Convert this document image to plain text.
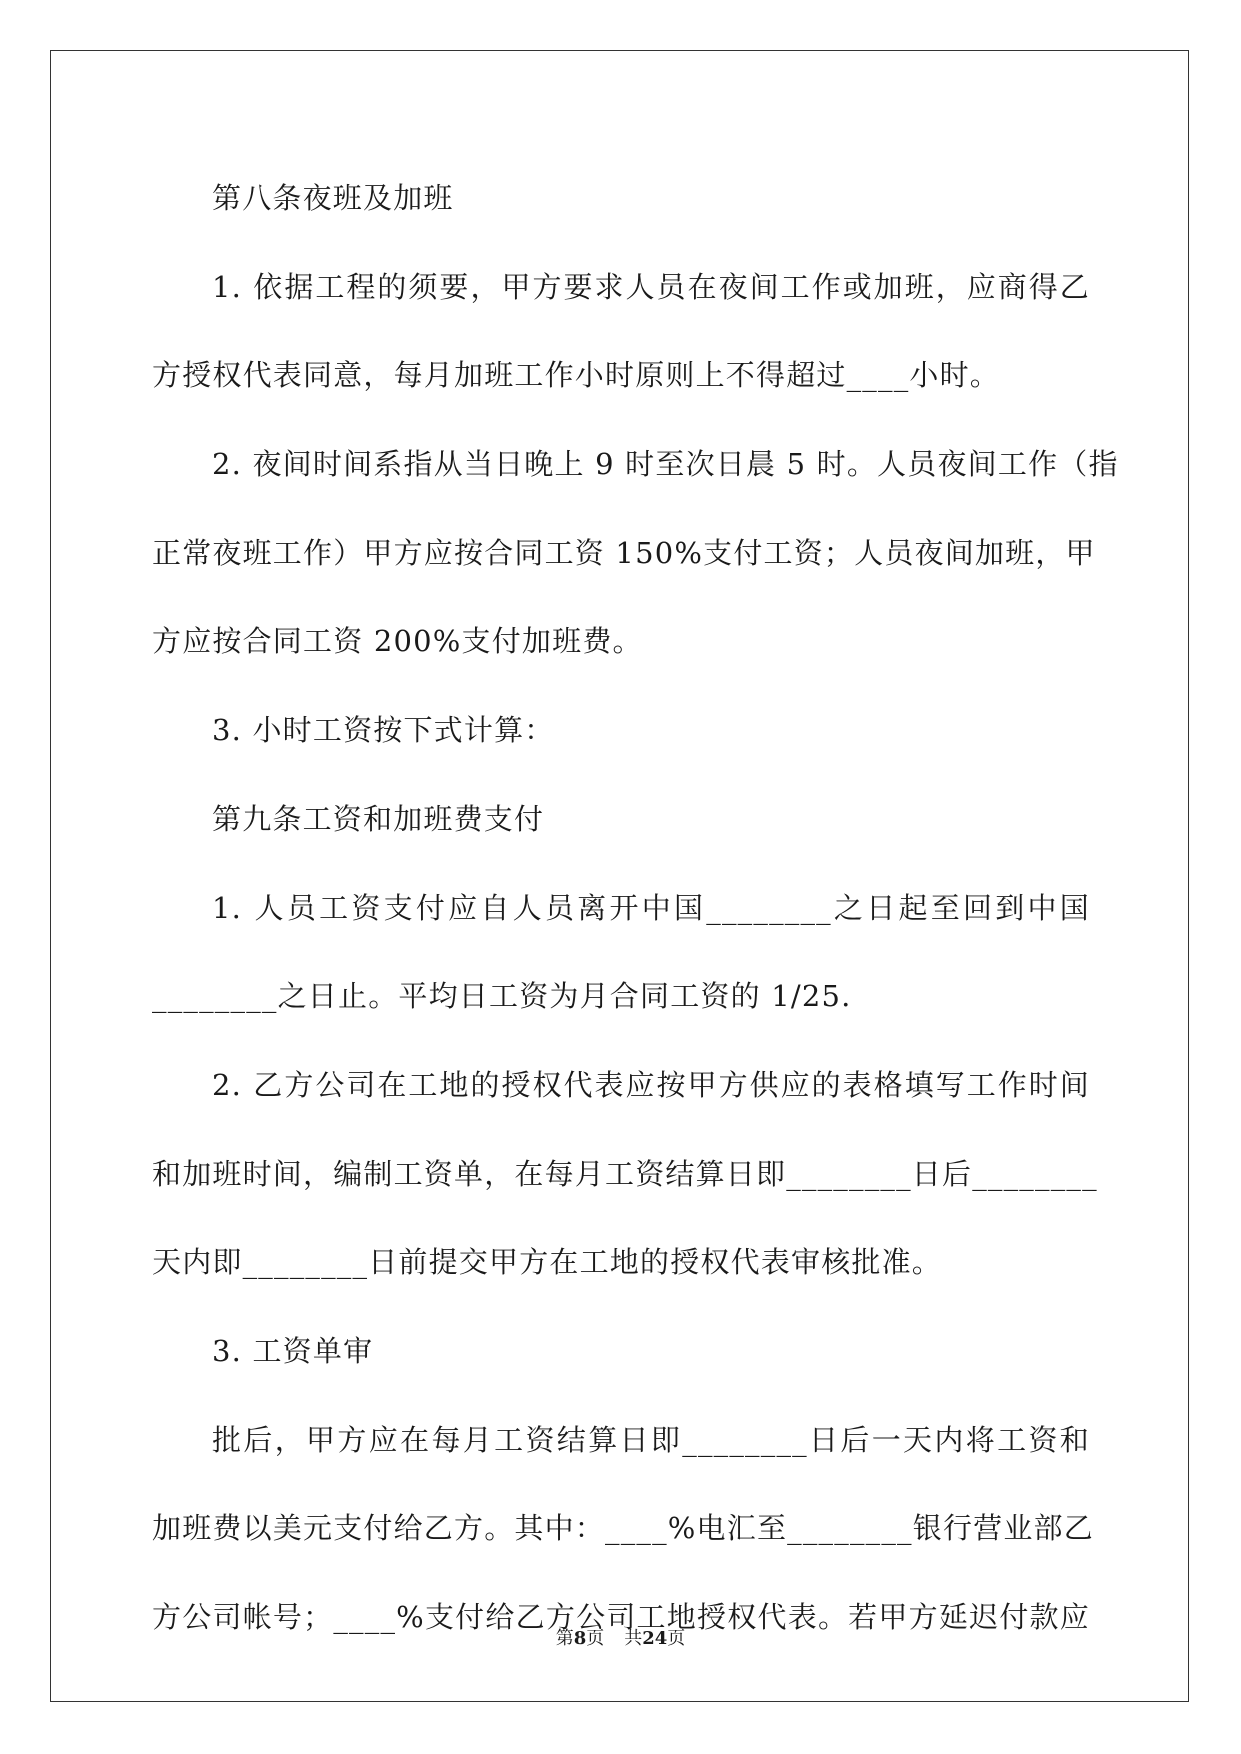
第八条夜班及加班
1. 依据工程的须要，甲方要求人员在夜间工作或加班，应商得乙
方授权代表同意，每月加班工作小时原则上不得超过____小时。
2. 夜间时间系指从当日晚上 9 时至次日晨 5 时。人员夜间工作（指
正常夜班工作）甲方应按合同工资 150%支付工资；人员夜间加班，甲
方应按合同工资 200%支付加班费。
3. 小时工资按下式计算：
第九条工资和加班费支付
1. 人员工资支付应自人员离开中国________之日起至回到中国
________之日止。平均日工资为月合同工资的 1/25.
2. 乙方公司在工地的授权代表应按甲方供应的表格填写工作时间
和加班时间，编制工资单，在每月工资结算日即________日后________
天内即________日前提交甲方在工地的授权代表审核批准。
3. 工资单审
批后，甲方应在每月工资结算日即________日后一天内将工资和
加班费以美元支付给乙方。其中：____%电汇至________银行营业部乙
方公司帐号；____%支付给乙方公司工地授权代表。若甲方延迟付款应
第8页 共24页
